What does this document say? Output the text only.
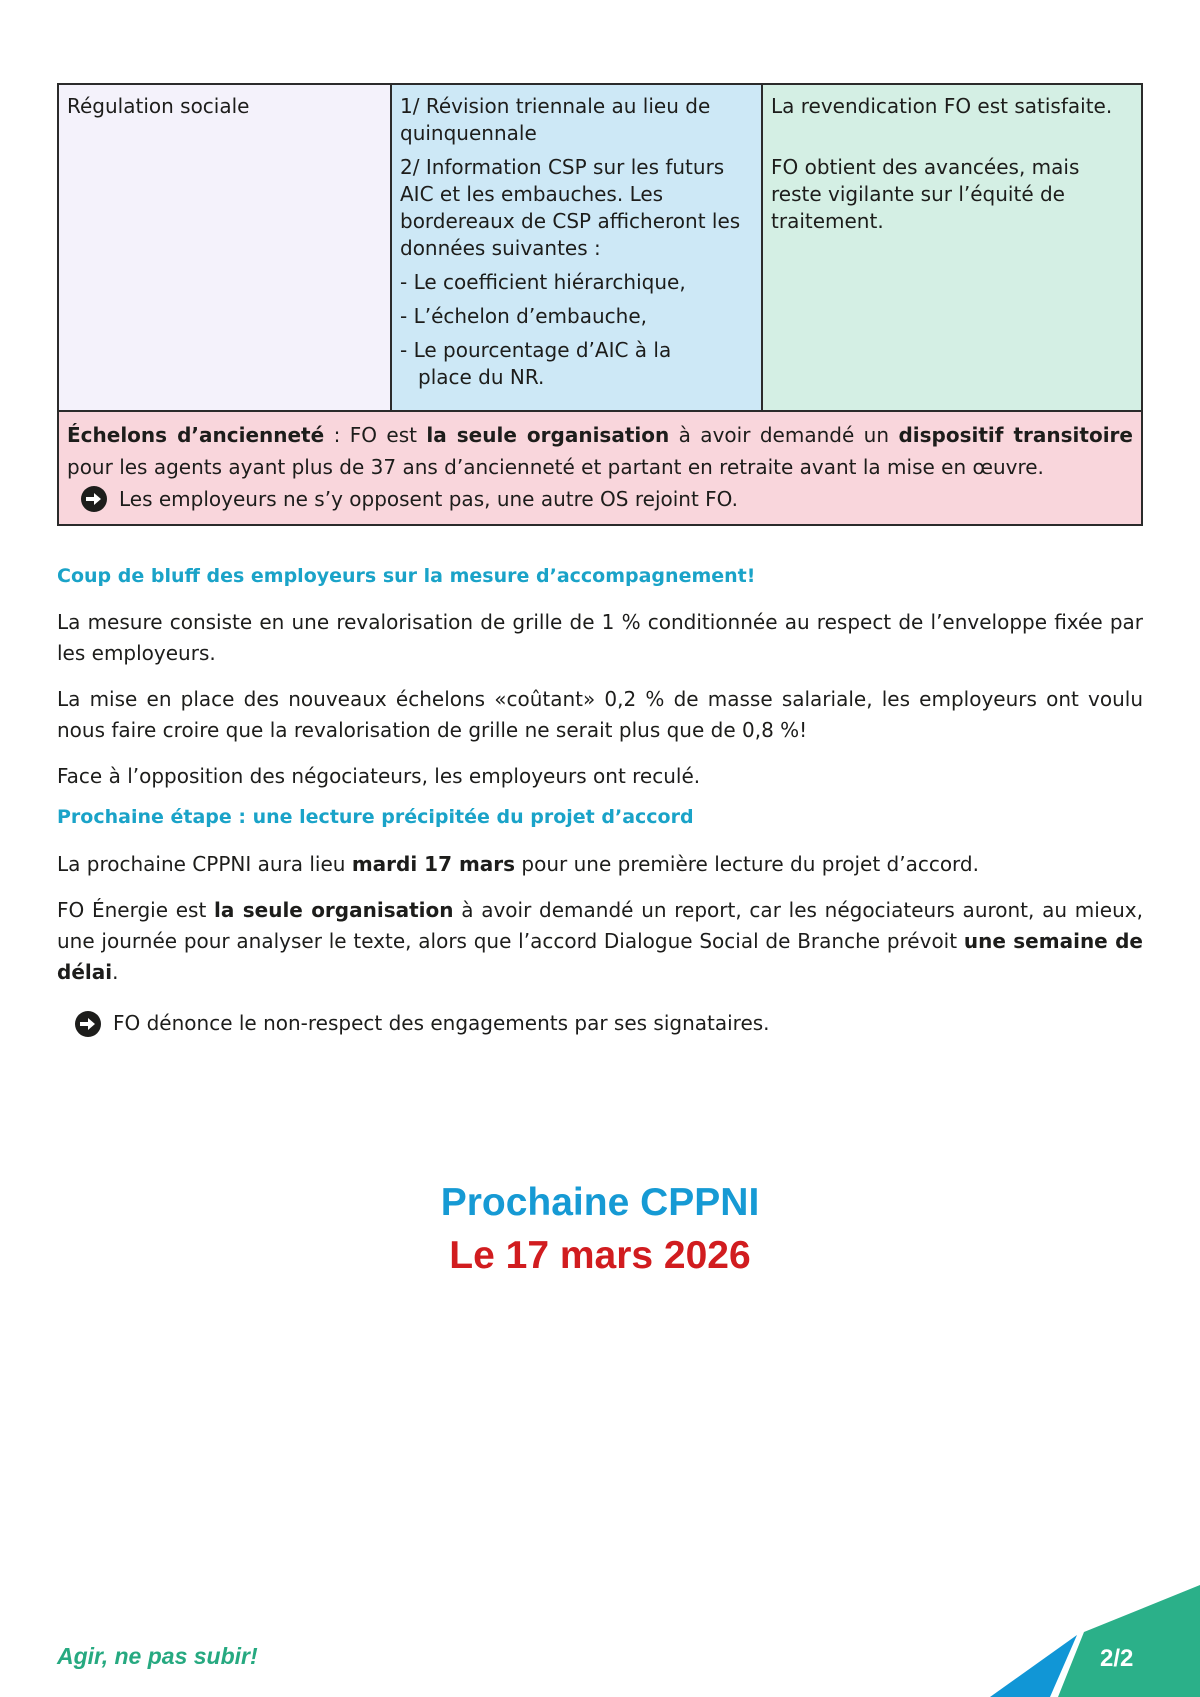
Régulation sociale	1/ Révision triennale au lieu de quinquennale

2/ Information CSP sur les futurs AIC et les embauches. Les bordereaux de CSP afficheront les données suivantes :

- Le coefficient hiérarchique,

- L’échelon d’embauche,

- Le pourcentage d’AIC à la
place du NR.

La revendication FO est satisfaite.

FO obtient des avancées, mais reste vigilante sur l’équité de traitement.

Échelons d’ancienneté : FO est la seule organisation à avoir demandé un dispositif transitoire pour les agents ayant plus de 37 ans d’ancienneté et partant en retraite avant la mise en œuvre.
Les employeurs ne s’y opposent pas, une autre OS rejoint FO.
Coup de bluff des employeurs sur la mesure d’accompagnement!

La mesure consiste en une revalorisation de grille de 1 % conditionnée au respect de l’enveloppe fixée par les employeurs.

La mise en place des nouveaux échelons «coûtant» 0,2 % de masse salariale, les employeurs ont voulu nous faire croire que la revalorisation de grille ne serait plus que de 0,8 %!

Face à l’opposition des négociateurs, les employeurs ont reculé.

Prochaine étape : une lecture précipitée du projet d’accord

La prochaine CPPNI aura lieu mardi 17 mars pour une première lecture du projet d’accord.

FO Énergie est la seule organisation à avoir demandé un report, car les négociateurs auront, au mieux, une journée pour analyser le texte, alors que l’accord Dialogue Social de Branche prévoit une semaine de délai.

FO dénonce le non-respect des engagements par ses signataires.
Prochaine CPPNI
Le 17 mars 2026
Agir, ne pas subir!	2/2
